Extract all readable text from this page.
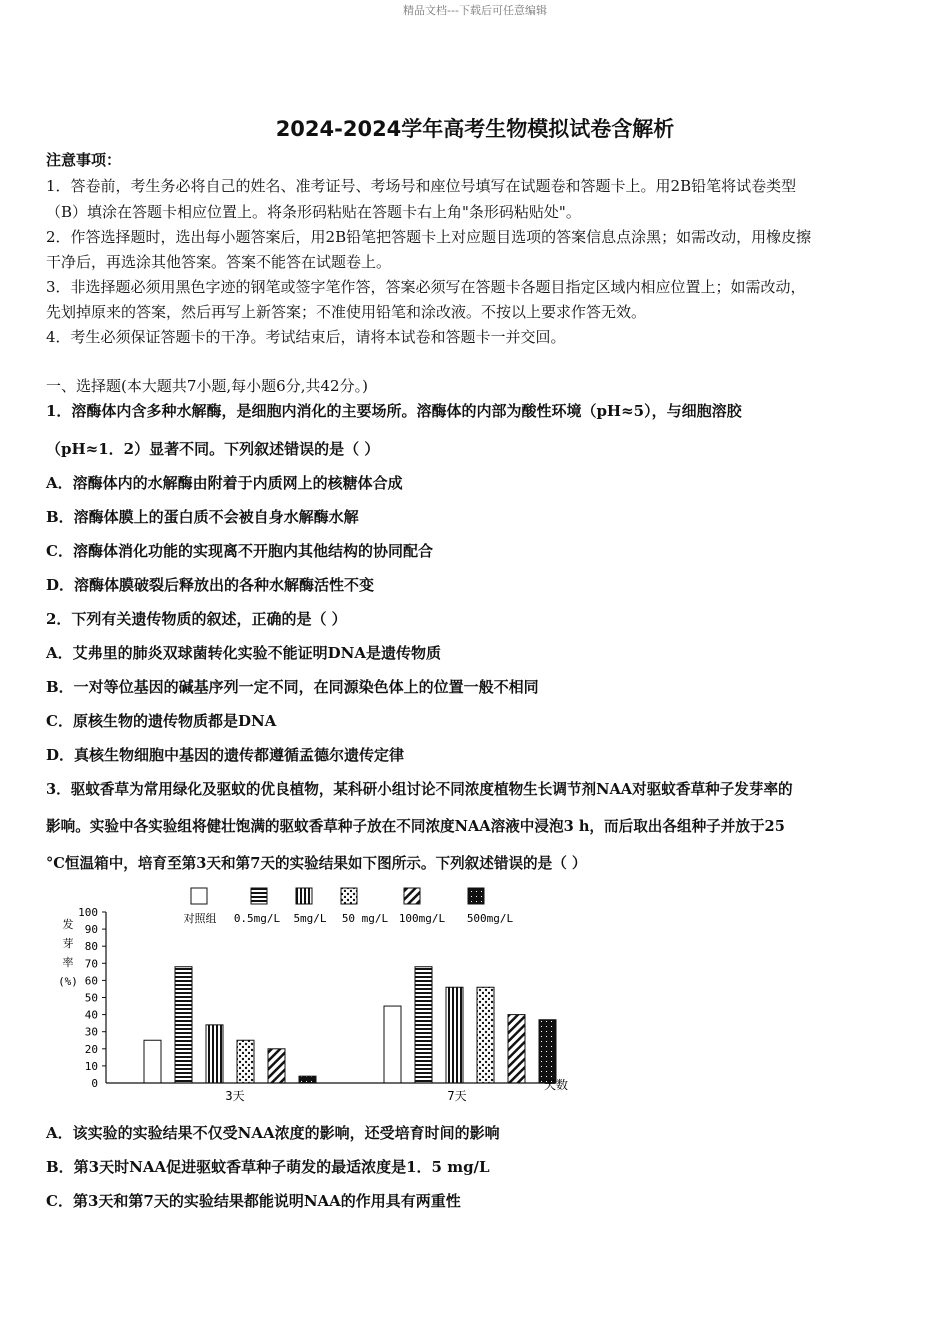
精品文档---下载后可任意编辑
2024-2024学年高考生物模拟试卷含解析
注意事项：
1．答卷前，考生务必将自己的姓名、准考证号、考场号和座位号填写在试题卷和答题卡上。用2B铅笔将试卷类型
（B）填涂在答题卡相应位置上。将条形码粘贴在答题卡右上角"条形码粘贴处"。
2．作答选择题时，选出每小题答案后，用2B铅笔把答题卡上对应题目选项的答案信息点涂黑；如需改动，用橡皮擦
干净后，再选涂其他答案。答案不能答在试题卷上。
3．非选择题必须用黑色字迹的钢笔或签字笔作答，答案必须写在答题卡各题目指定区域内相应位置上；如需改动，
先划掉原来的答案，然后再写上新答案；不准使用铅笔和涂改液。不按以上要求作答无效。
4．考生必须保证答题卡的干净。考试结束后，请将本试卷和答题卡一并交回。
一、选择题(本大题共7小题,每小题6分,共42分。)
1．溶酶体内含多种水解酶，是细胞内消化的主要场所。溶酶体的内部为酸性环境（pH≈5），与细胞溶胶
（pH≈1．2）显著不同。下列叙述错误的是（ ）
A．溶酶体内的水解酶由附着于内质网上的核糖体合成
B．溶酶体膜上的蛋白质不会被自身水解酶水解
C．溶酶体消化功能的实现离不开胞内其他结构的协同配合
D．溶酶体膜破裂后释放出的各种水解酶活性不变
2．下列有关遗传物质的叙述，正确的是（ ）
A．艾弗里的肺炎双球菌转化实验不能证明DNA是遗传物质
B．一对等位基因的碱基序列一定不同，在同源染色体上的位置一般不相同
C．原核生物的遗传物质都是DNA
D．真核生物细胞中基因的遗传都遵循孟德尔遗传定律
3．驱蚊香草为常用绿化及驱蚊的优良植物，某科研小组讨论不同浓度植物生长调节剂NAA对驱蚊香草种子发芽率的
影响。实验中各实验组将健壮饱满的驱蚊香草种子放在不同浓度NAA溶液中浸泡3 h，而后取出各组种子并放于25
°C恒温箱中，培育至第3天和第7天的实验结果如下图所示。下列叙述错误的是（ ）
发
芽
率
(%)
100
90
80
70
60
50
40
30
20
10
0
对照组 0.5mg/L 5mg/L 50 mg/L 100mg/L 500mg/L
3天	7天
天数
A．该实验的实验结果不仅受NAA浓度的影响，还受培育时间的影响
B．第3天时NAA促进驱蚊香草种子萌发的最适浓度是1．5 mg/L
C．第3天和第7天的实验结果都能说明NAA的作用具有两重性
